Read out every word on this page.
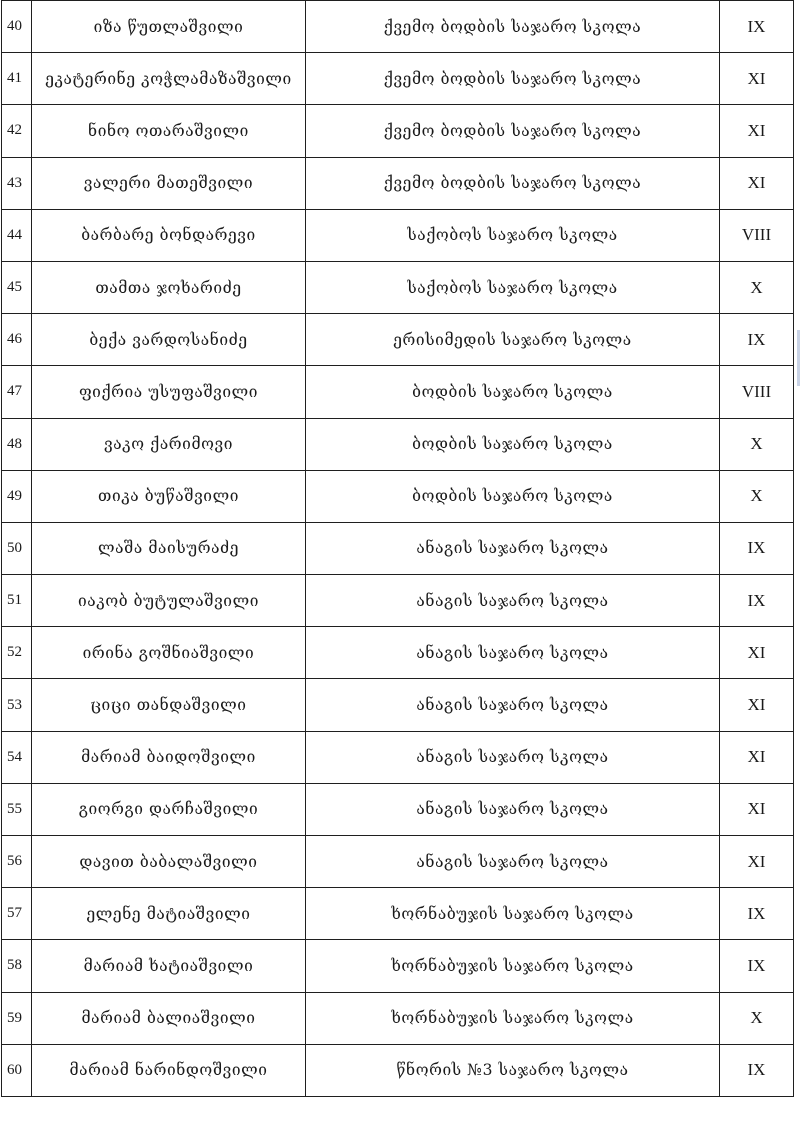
40	იზა წუთლაშვილი	ქვემო ბოდბის საჯარო სკოლა	IX
41	ეკატერინე კოჭლამაზაშვილი	ქვემო ბოდბის საჯარო სკოლა	XI
42	ნინო ოთარაშვილი	ქვემო ბოდბის საჯარო სკოლა	XI
43	ვალერი მათეშვილი	ქვემო ბოდბის საჯარო სკოლა	XI
44	ბარბარე ბონდარევი	საქობოს საჯარო სკოლა	VIII
45	თამთა ჯოხარიძე	საქობოს საჯარო სკოლა	X
46	ბექა ვარდოსანიძე	ერისიმედის საჯარო სკოლა	IX
47	ფიქრია უსუფაშვილი	ბოდბის საჯარო სკოლა	VIII
48	ვაკო ქარიმოვი	ბოდბის საჯარო სკოლა	X
49	თიკა ბუწაშვილი	ბოდბის საჯარო სკოლა	X
50	ლაშა მაისურაძე	ანაგის საჯარო სკოლა	IX
51	იაკობ ბუტულაშვილი	ანაგის საჯარო სკოლა	IX
52	ირინა გოშნიაშვილი	ანაგის საჯარო სკოლა	XI
53	ციცი თანდაშვილი	ანაგის საჯარო სკოლა	XI
54	მარიამ ბაიდოშვილი	ანაგის საჯარო სკოლა	XI
55	გიორგი დარჩაშვილი	ანაგის საჯარო სკოლა	XI
56	დავით ბაბალაშვილი	ანაგის საჯარო სკოლა	XI
57	ელენე მატიაშვილი	ხორნაბუჯის საჯარო სკოლა	IX
58	მარიამ ხატიაშვილი	ხორნაბუჯის საჯარო სკოლა	IX
59	მარიამ ბალიაშვილი	ხორნაბუჯის საჯარო სკოლა	X
60	მარიამ ნარინდოშვილი	წნორის №3 საჯარო სკოლა	IX
